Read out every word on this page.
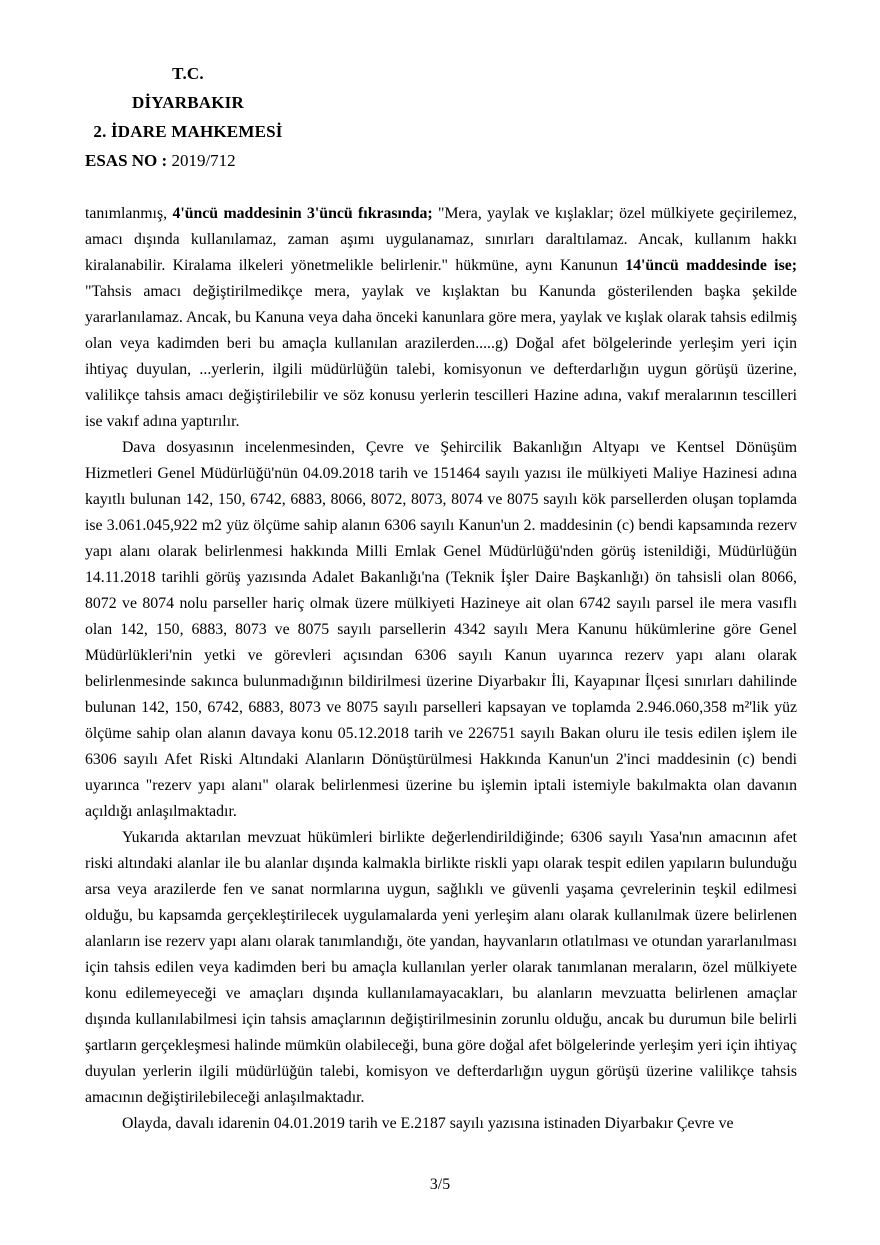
T.C.
DİYARBAKIR
2. İDARE MAHKEMESİ
ESAS NO : 2019/712

tanımlanmış, 4'üncü maddesinin 3'üncü fıkrasında; "Mera, yaylak ve kışlaklar; özel mülkiyete geçirilemez, amacı dışında kullanılamaz, zaman aşımı uygulanamaz, sınırları daraltılamaz. Ancak, kullanım hakkı kiralanabilir. Kiralama ilkeleri yönetmelikle belirlenir." hükmüne, aynı Kanunun 14'üncü maddesinde ise; "Tahsis amacı değiştirilmedikçe mera, yaylak ve kışlaktan bu Kanunda gösterilenden başka şekilde yararlanılamaz. Ancak, bu Kanuna veya daha önceki kanunlara göre mera, yaylak ve kışlak olarak tahsis edilmiş olan veya kadimden beri bu amaçla kullanılan arazilerden.....g) Doğal afet bölgelerinde yerleşim yeri için ihtiyaç duyulan, ...yerlerin, ilgili müdürlüğün talebi, komisyonun ve defterdarlığın uygun görüşü üzerine, valilikçe tahsis amacı değiştirilebilir ve söz konusu yerlerin tescilleri Hazine adına, vakıf meralarının tescilleri ise vakıf adına yaptırılır.

Dava dosyasının incelenmesinden, Çevre ve Şehircilik Bakanlığın Altyapı ve Kentsel Dönüşüm Hizmetleri Genel Müdürlüğü'nün 04.09.2018 tarih ve 151464 sayılı yazısı ile mülkiyeti Maliye Hazinesi adına kayıtlı bulunan 142, 150, 6742, 6883, 8066, 8072, 8073, 8074 ve 8075 sayılı kök parsellerden oluşan toplamda ise 3.061.045,922 m2 yüz ölçüme sahip alanın 6306 sayılı Kanun'un 2. maddesinin (c) bendi kapsamında rezerv yapı alanı olarak belirlenmesi hakkında Milli Emlak Genel Müdürlüğü'nden görüş istenildiği, Müdürlüğün 14.11.2018 tarihli görüş yazısında Adalet Bakanlığı'na (Teknik İşler Daire Başkanlığı) ön tahsisli olan 8066, 8072 ve 8074 nolu parseller hariç olmak üzere mülkiyeti Hazineye ait olan 6742 sayılı parsel ile mera vasıflı olan 142, 150, 6883, 8073 ve 8075 sayılı parsellerin 4342 sayılı Mera Kanunu hükümlerine göre Genel Müdürlükleri'nin yetki ve görevleri açısından 6306 sayılı Kanun uyarınca rezerv yapı alanı olarak belirlenmesinde sakınca bulunmadığının bildirilmesi üzerine Diyarbakır İli, Kayapınar İlçesi sınırları dahilinde bulunan 142, 150, 6742, 6883, 8073 ve 8075 sayılı parselleri kapsayan ve toplamda 2.946.060,358 m²'lik yüz ölçüme sahip olan alanın davaya konu 05.12.2018 tarih ve 226751 sayılı Bakan oluru ile tesis edilen işlem ile 6306 sayılı Afet Riski Altındaki Alanların Dönüştürülmesi Hakkında Kanun'un 2'inci maddesinin (c) bendi uyarınca "rezerv yapı alanı" olarak belirlenmesi üzerine bu işlemin iptali istemiyle bakılmakta olan davanın açıldığı anlaşılmaktadır.

Yukarıda aktarılan mevzuat hükümleri birlikte değerlendirildiğinde; 6306 sayılı Yasa'nın amacının afet riski altındaki alanlar ile bu alanlar dışında kalmakla birlikte riskli yapı olarak tespit edilen yapıların bulunduğu arsa veya arazilerde fen ve sanat normlarına uygun, sağlıklı ve güvenli yaşama çevrelerinin teşkil edilmesi olduğu, bu kapsamda gerçekleştirilecek uygulamalarda yeni yerleşim alanı olarak kullanılmak üzere belirlenen alanların ise rezerv yapı alanı olarak tanımlandığı, öte yandan, hayvanların otlatılması ve otundan yararlanılması için tahsis edilen veya kadimden beri bu amaçla kullanılan yerler olarak tanımlanan meraların, özel mülkiyete konu edilemeyeceği ve amaçları dışında kullanılamayacakları, bu alanların mevzuatta belirlenen amaçlar dışında kullanılabilmesi için tahsis amaçlarının değiştirilmesinin zorunlu olduğu, ancak bu durumun bile belirli şartların gerçekleşmesi halinde mümkün olabileceği, buna göre doğal afet bölgelerinde yerleşim yeri için ihtiyaç duyulan yerlerin ilgili müdürlüğün talebi, komisyon ve defterdarlığın uygun görüşü üzerine valilikçe tahsis amacının değiştirilebileceği anlaşılmaktadır.

Olayda, davalı idarenin 04.01.2019 tarih ve E.2187 sayılı yazısına istinaden Diyarbakır Çevre ve

3/5
